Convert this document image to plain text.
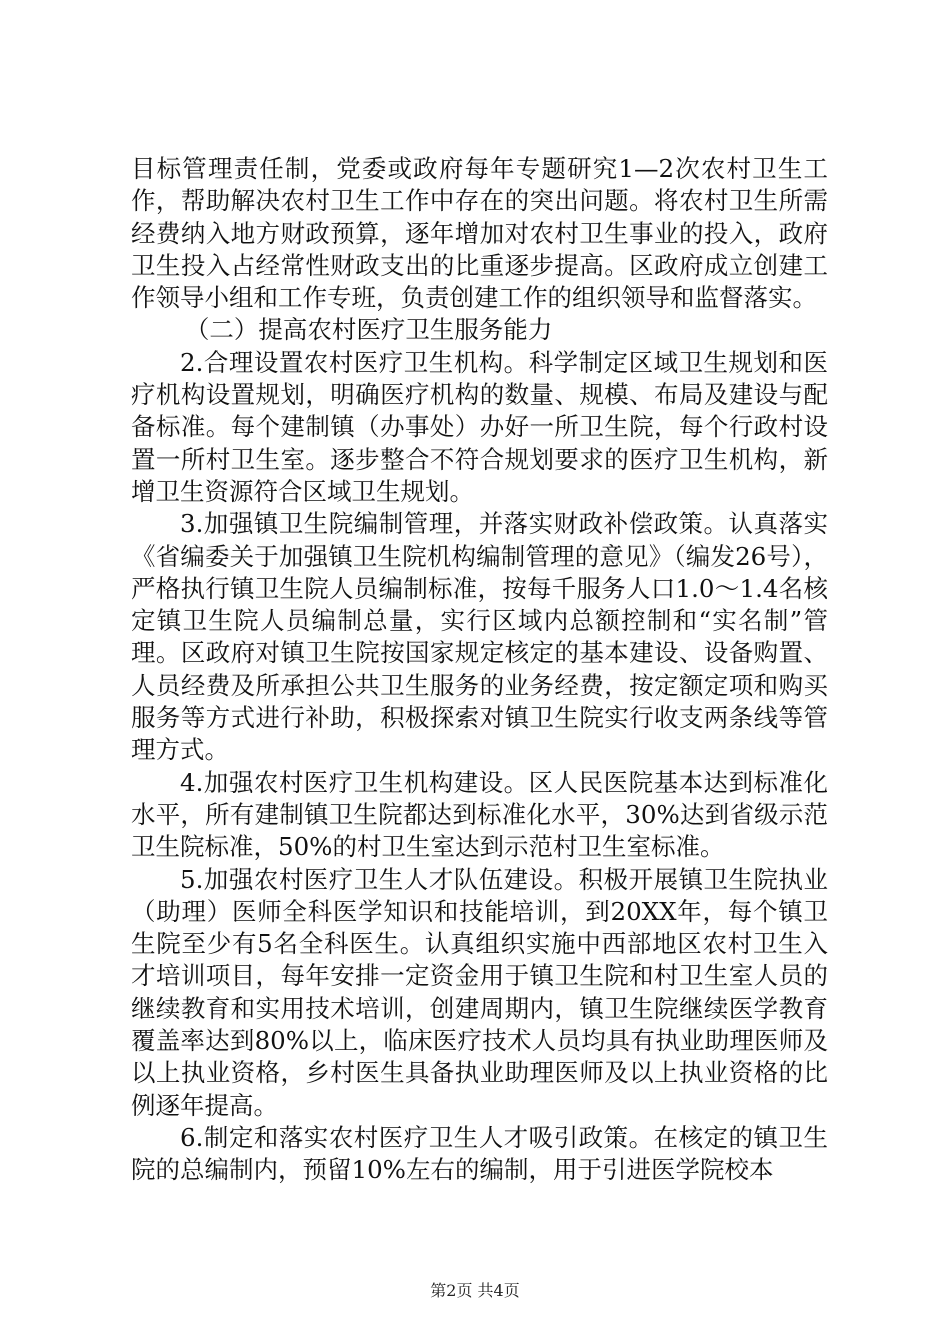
目标管理责任制，党委或政府每年专题研究1—2次农村卫生工作，帮助解决农村卫生工作中存在的突出问题。将农村卫生所需经费纳入地方财政预算，逐年增加对农村卫生事业的投入，政府卫生投入占经常性财政支出的比重逐步提高。区政府成立创建工作领导小组和工作专班，负责创建工作的组织领导和监督落实。

（二）提高农村医疗卫生服务能力

2.合理设置农村医疗卫生机构。科学制定区域卫生规划和医疗机构设置规划，明确医疗机构的数量、规模、布局及建设与配备标准。每个建制镇（办事处）办好一所卫生院，每个行政村设置一所村卫生室。逐步整合不符合规划要求的医疗卫生机构，新增卫生资源符合区域卫生规划。

3.加强镇卫生院编制管理，并落实财政补偿政策。认真落实《省编委关于加强镇卫生院机构编制管理的意见》（编发26号），严格执行镇卫生院人员编制标准，按每千服务人口1.0～1.4名核定镇卫生院人员编制总量，实行区域内总额控制和“实名制”管理。区政府对镇卫生院按国家规定核定的基本建设、设备购置、人员经费及所承担公共卫生服务的业务经费，按定额定项和购买服务等方式进行补助，积极探索对镇卫生院实行收支两条线等管理方式。

4.加强农村医疗卫生机构建设。区人民医院基本达到标准化水平，所有建制镇卫生院都达到标准化水平，30%达到省级示范卫生院标准，50%的村卫生室达到示范村卫生室标准。

5.加强农村医疗卫生人才队伍建设。积极开展镇卫生院执业（助理）医师全科医学知识和技能培训，到20XX年，每个镇卫生院至少有5名全科医生。认真组织实施中西部地区农村卫生入才培训项目，每年安排一定资金用于镇卫生院和村卫生室人员的继续教育和实用技术培训，创建周期内，镇卫生院继续医学教育覆盖率达到80%以上，临床医疗技术人员均具有执业助理医师及以上执业资格，乡村医生具备执业助理医师及以上执业资格的比例逐年提高。

6.制定和落实农村医疗卫生人才吸引政策。在核定的镇卫生院的总编制内，预留10%左右的编制，用于引进医学院校本

第2页 共4页
